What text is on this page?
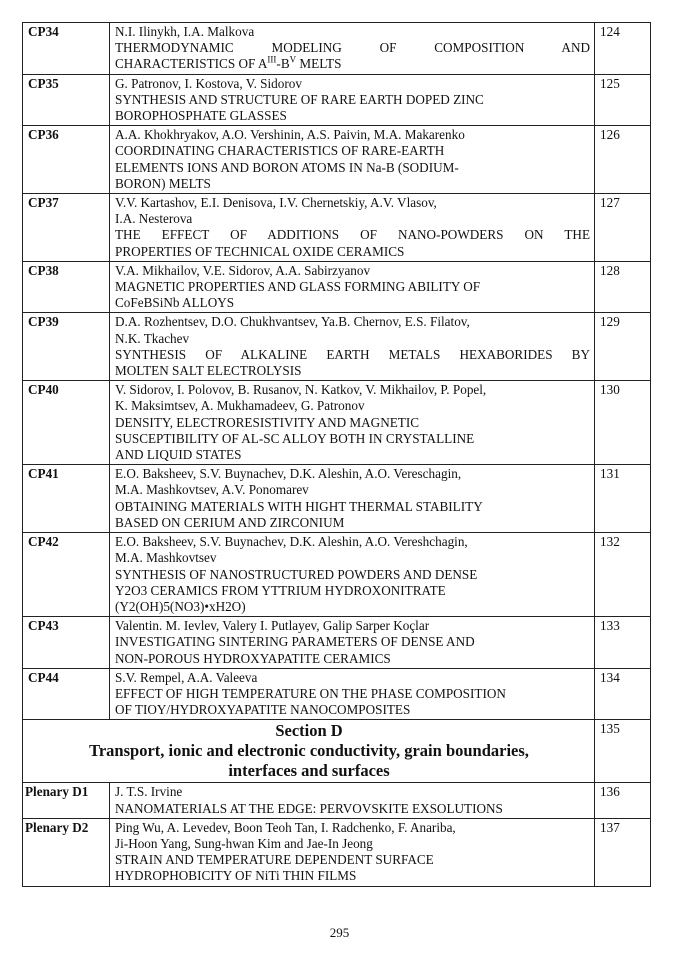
CP34	N.I. Ilinykh, I.A. Malkova
THERMODYNAMIC MODELING OF COMPOSITION AND
CHARACTERISTICS OF $A^{III}-B^V$ MELTS	124
CP35	G. Patronov, I. Kostova, V. Sidorov
SYNTHESIS AND STRUCTURE OF RARE EARTH DOPED ZINC
BOROPHOSPHATE GLASSES	125
CP36	A.A. Khokhryakov, A.O. Vershinin, A.S. Paivin, M.A. Makarenko
COORDINATING CHARACTERISTICS OF RARE-EARTH
ELEMENTS IONS AND BORON ATOMS IN Na-B (SODIUM-
BORON) MELTS	126
CP37	V.V. Kartashov, E.I. Denisova, I.V. Chernetskiy, A.V. Vlasov,
I.A. Nesterova
THE EFFECT OF ADDITIONS OF NANO-POWDERS ON THE
PROPERTIES OF TECHNICAL OXIDE CERAMICS	127
CP38	V.A. Mikhailov, V.E. Sidorov, A.A. Sabirzyanov
MAGNETIC PROPERTIES AND GLASS FORMING ABILITY OF
CoFeBSiNb ALLOYS	128
CP39	D.A. Rozhentsev, D.O. Chukhvantsev, Ya.B. Chernov, E.S. Filatov,
N.K. Tkachev
SYNTHESIS OF ALKALINE EARTH METALS HEXABORIDES BY
MOLTEN SALT ELECTROLYSIS	129
CP40	V. Sidorov, I. Polovov, B. Rusanov, N. Katkov, V. Mikhailov, P. Popel,
K. Maksimtsev, A. Mukhamadeev, G. Patronov
DENSITY, ELECTRORESISTIVITY AND MAGNETIC
SUSCEPTIBILITY OF AL-SC ALLOY BOTH IN CRYSTALLINE
AND LIQUID STATES	130
CP41	E.O. Baksheev, S.V. Buynachev, D.K. Aleshin, A.O. Vereschagin,
M.A. Mashkovtsev, A.V. Ponomarev
OBTAINING MATERIALS WITH HIGHT THERMAL STABILITY
BASED ON CERIUM AND ZIRCONIUM	131
CP42	E.O. Baksheev, S.V. Buynachev, D.K. Aleshin, A.O. Vereshchagin,
M.A. Mashkovtsev
SYNTHESIS OF NANOSTRUCTURED POWDERS AND DENSE
Y2O3 CERAMICS FROM YTTRIUM HYDROXONITRATE
(Y2(OH)5(NO3)•xH2O)	132
CP43	Valentin. M. Ievlev, Valery I. Putlayev, Galip Sarper Koçlar
INVESTIGATING SINTERING PARAMETERS OF DENSE AND
NON-POROUS HYDROXYAPATITE CERAMICS	133
CP44	S.V. Rempel, A.A. Valeeva
EFFECT OF HIGH TEMPERATURE ON THE PHASE COMPOSITION
OF TIOY/HYDROXYAPATITE NANOCOMPOSITES	134

Section D
Transport, ionic and electronic conductivity, grain boundaries,
interfaces and surfaces		135
Plenary D1	J. T.S. Irvine
NANOMATERIALS AT THE EDGE: PERVOVSKITE EXSOLUTIONS	136
Plenary D2	Ping Wu, A. Levedev, Boon Teoh Tan, I. Radchenko, F. Anariba,
Ji-Hoon Yang, Sung-hwan Kim and Jae-In Jeong
STRAIN AND TEMPERATURE DEPENDENT SURFACE
HYDROPHOBICITY OF NiTi THIN FILMS	137
295
